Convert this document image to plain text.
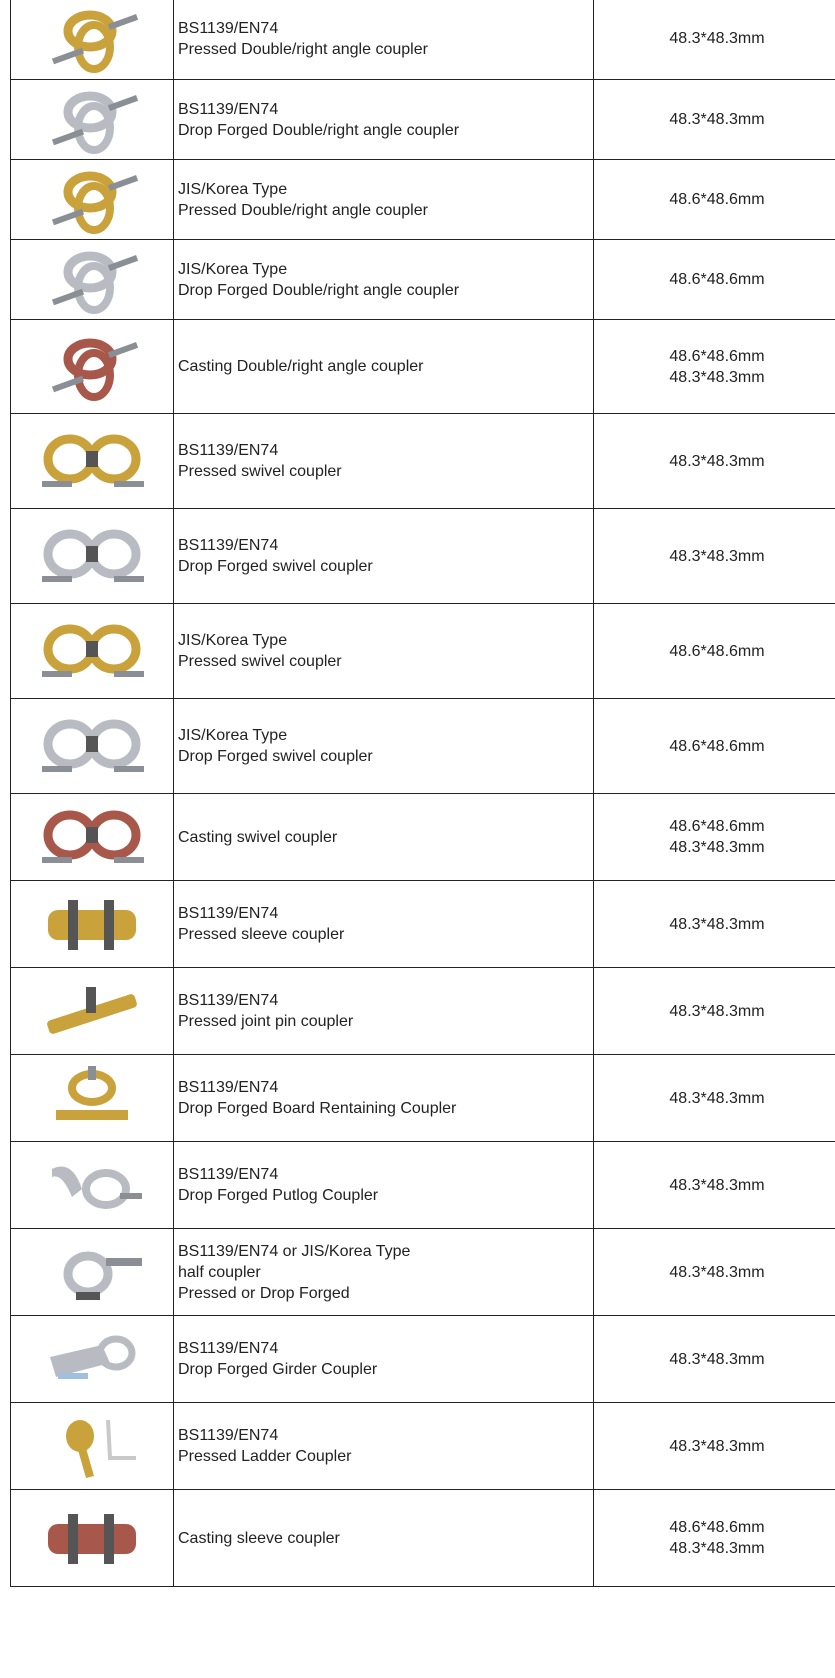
BS1139/EN74
Pressed Double/right angle coupler	48.3*48.3mm

BS1139/EN74
Drop Forged Double/right angle coupler	48.3*48.3mm

JIS/Korea Type
Pressed Double/right angle coupler	48.6*48.6mm

JIS/Korea Type
Drop Forged Double/right angle coupler	48.6*48.6mm

Casting Double/right angle coupler	48.6*48.6mm
48.3*48.3mm

BS1139/EN74
Pressed swivel coupler	48.3*48.3mm

BS1139/EN74
Drop Forged swivel coupler	48.3*48.3mm

JIS/Korea Type
Pressed swivel coupler	48.6*48.6mm

JIS/Korea Type
Drop Forged swivel coupler	48.6*48.6mm

Casting swivel coupler	48.6*48.6mm
48.3*48.3mm

BS1139/EN74
Pressed sleeve coupler	48.3*48.3mm

BS1139/EN74
Pressed joint pin coupler	48.3*48.3mm

BS1139/EN74
Drop Forged Board Rentaining Coupler	48.3*48.3mm

BS1139/EN74
Drop Forged Putlog Coupler	48.3*48.3mm

BS1139/EN74 or JIS/Korea Type
half coupler
Pressed or Drop Forged	48.3*48.3mm

BS1139/EN74
Drop Forged Girder Coupler	48.3*48.3mm

BS1139/EN74
Pressed Ladder Coupler	48.3*48.3mm

Casting sleeve coupler	48.6*48.6mm
48.3*48.3mm
